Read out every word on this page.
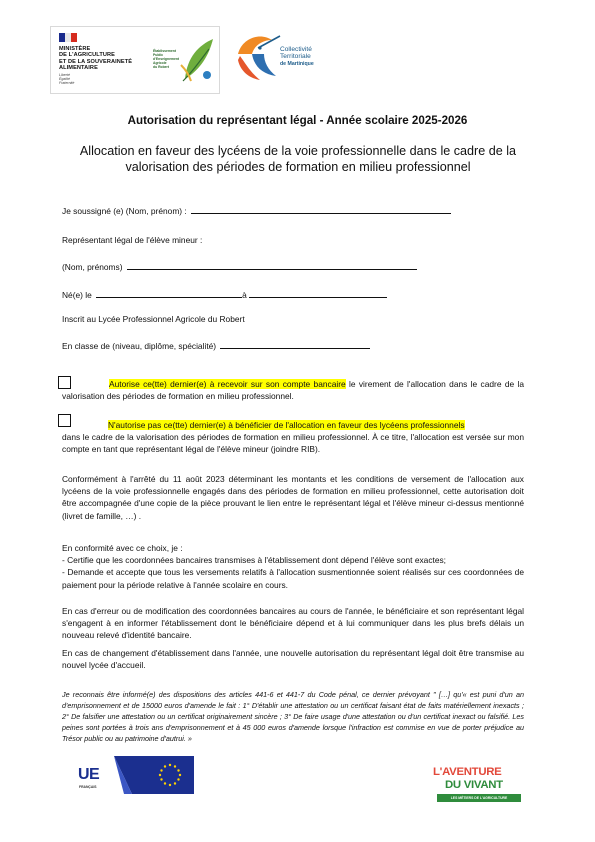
MINISTÈRE
DE L'AGRICULTURE
ET DE LA SOUVERAINETÉ
ALIMENTAIRE
Liberté
Égalité
Fraternité
Établissement
Public
d'Enseignement
Agricole
du Robert
Collectivité
Territoriale
de Martinique
Autorisation du représentant légal - Année scolaire 2025-2026
Allocation en faveur des lycéens de la voie professionnelle dans le cadre de la valorisation des périodes de formation en milieu professionnel
Je soussigné (e) (Nom, prénom) :
Représentant légal de l'élève mineur :
(Nom, prénoms)
Né(e) le	à
Inscrit au Lycée Professionnel Agricole du Robert
En classe de (niveau, diplôme, spécialité)
Autorise ce(tte) dernier(e) à recevoir sur son compte bancaire le virement de l'allocation dans le cadre de la valorisation des périodes de formation en milieu professionnel.
N'autorise pas ce(tte) dernier(e) à bénéficier de l'allocation en faveur des lycéens professionnels
dans le cadre de la valorisation des périodes de formation en milieu professionnel. À ce titre, l'allocation est versée sur mon compte en tant que représentant légal de l'élève mineur (joindre RIB).
Conformément à l'arrêté du 11 août 2023 déterminant les montants et les conditions de versement de l'allocation aux lycéens de la voie professionnelle engagés dans des périodes de formation en milieu professionnel, cette autorisation doit être accompagnée d'une copie de la pièce prouvant le lien entre le représentant légal et l'élève mineur ci-dessus mentionné (livret de famille, …) .

En conformité avec ce choix, je :

- Certifie que les coordonnées bancaires transmises à l'établissement dont dépend l'élève sont exactes;

- Demande et accepte que tous les versements relatifs à l'allocation susmentionnée soient réalisés sur ces coordonnées de paiement pour la période relative à l'année scolaire en cours.

En cas d'erreur ou de modification des coordonnées bancaires au cours de l'année, le bénéficiaire et son représentant légal s'engagent à en informer l'établissement dont le bénéficiaire dépend et à lui communiquer dans les plus brefs délais un nouveau relevé d'identité bancaire.
En cas de changement d'établissement dans l'année, une nouvelle autorisation du représentant légal doit être transmise au nouvel lycée d'accueil.
Je reconnais être informé(e) des dispositions des articles 441-6 et 441-7 du Code pénal, ce dernier prévoyant " […] qu'« est puni d'un an d'emprisonnement et de 15000 euros d'amende le fait : 1° D'établir une attestation ou un certificat faisant état de faits matériellement inexacts ; 2° De falsifier une attestation ou un certificat originairement sincère ; 3° De faire usage d'une attestation ou d'un certificat inexact ou falsifié. Les peines sont portées à trois ans d'emprisonnement et à 45 000 euros d'amende lorsque l'infraction est commise en vue de porter préjudice au Trésor public ou au patrimoine d'autrui. »
UE
FRANÇAIS
L'AVENTURE
DU VIVANT
LES MÉTIERS DE L'AGRICULTURE
